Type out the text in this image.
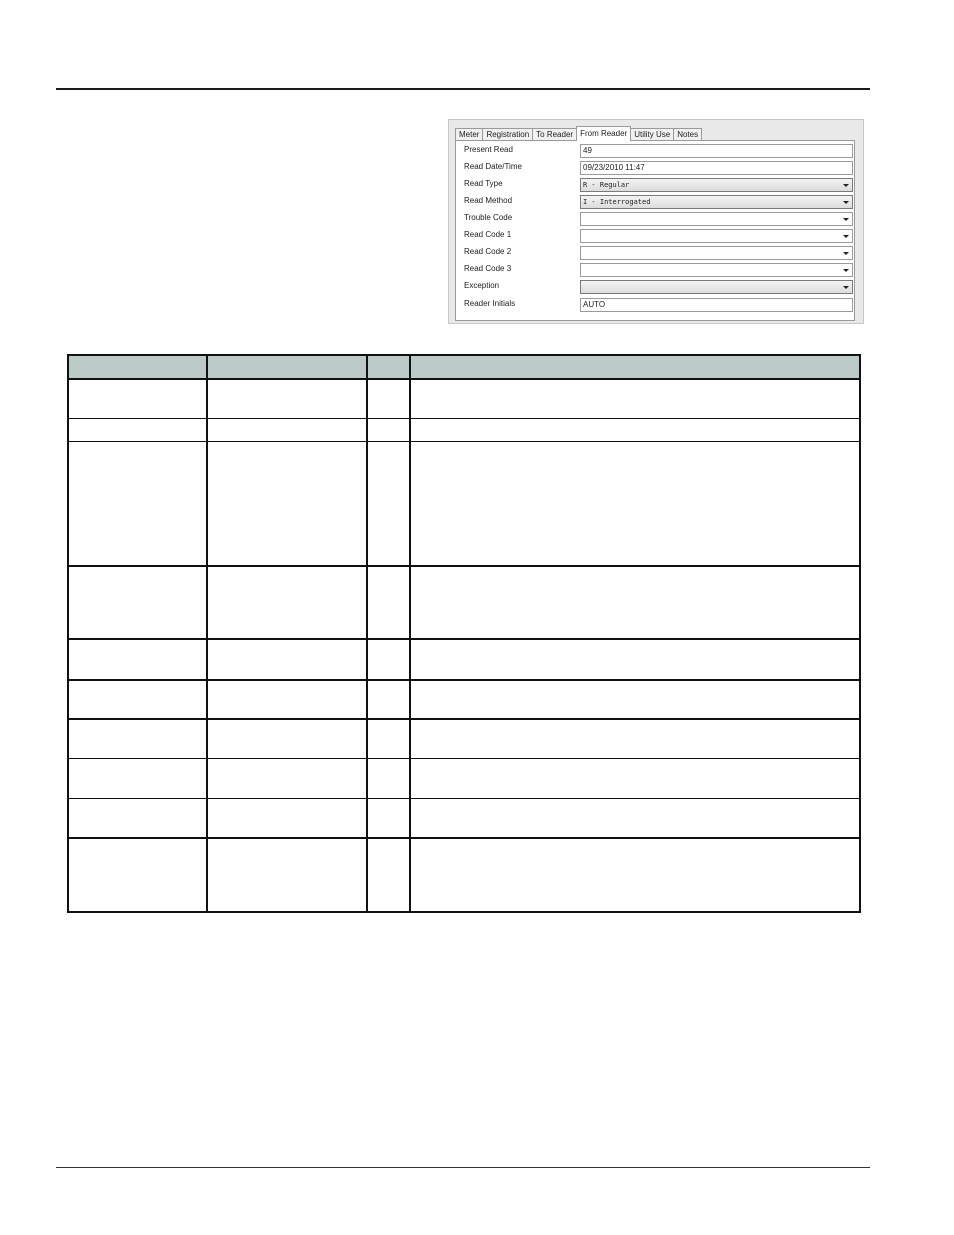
Meter Registration To Reader From Reader Utility Use Notes
Present Read	49
Read Date/Time	09/23/2010 11:47
Read Type	R - Regular
Read Method	I - Interrogated
Trouble Code
Read Code 1
Read Code 2
Read Code 3
Exception
Reader Initials	AUTO
